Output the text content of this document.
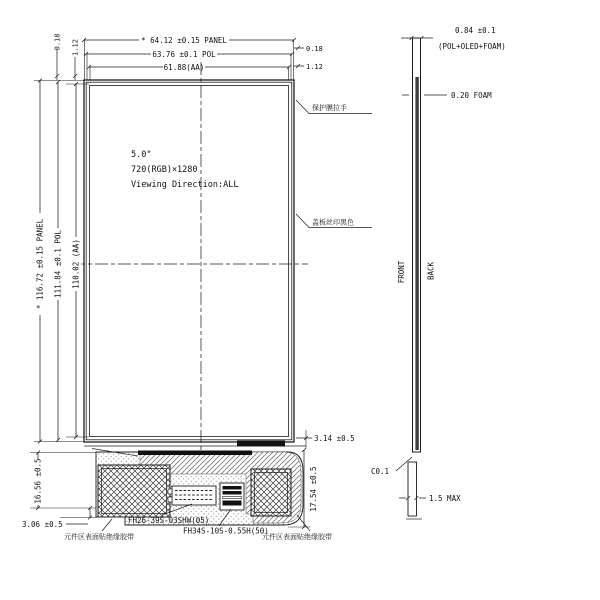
* 64.12 ±0.15 PANEL
63.76 ±0.1 POL
61.88(AA)
0.18
1.12
0.18 1.12
* 116.72 ±0.15 PANEL 111.84 ±0.1 POL 110.02 (AA)
5.0"
720(RGB)×1280
Viewing Direction:ALL
保护膜拉手
盖板丝印黑色
FH26-39S-03SHW(05)
FH34S-10S-0.55H(50)
元件区表面贴绝缘胶带	元件区表面贴绝缘胶带
16.56 ±0.5
3.06 ±0.5
3.14 ±0.5
17.54 ±0.5
0.84 ±0.1
(POL+OLED+FOAM)
0.20 FOAM
FRONT	BACK
C0.1
1.5 MAX
